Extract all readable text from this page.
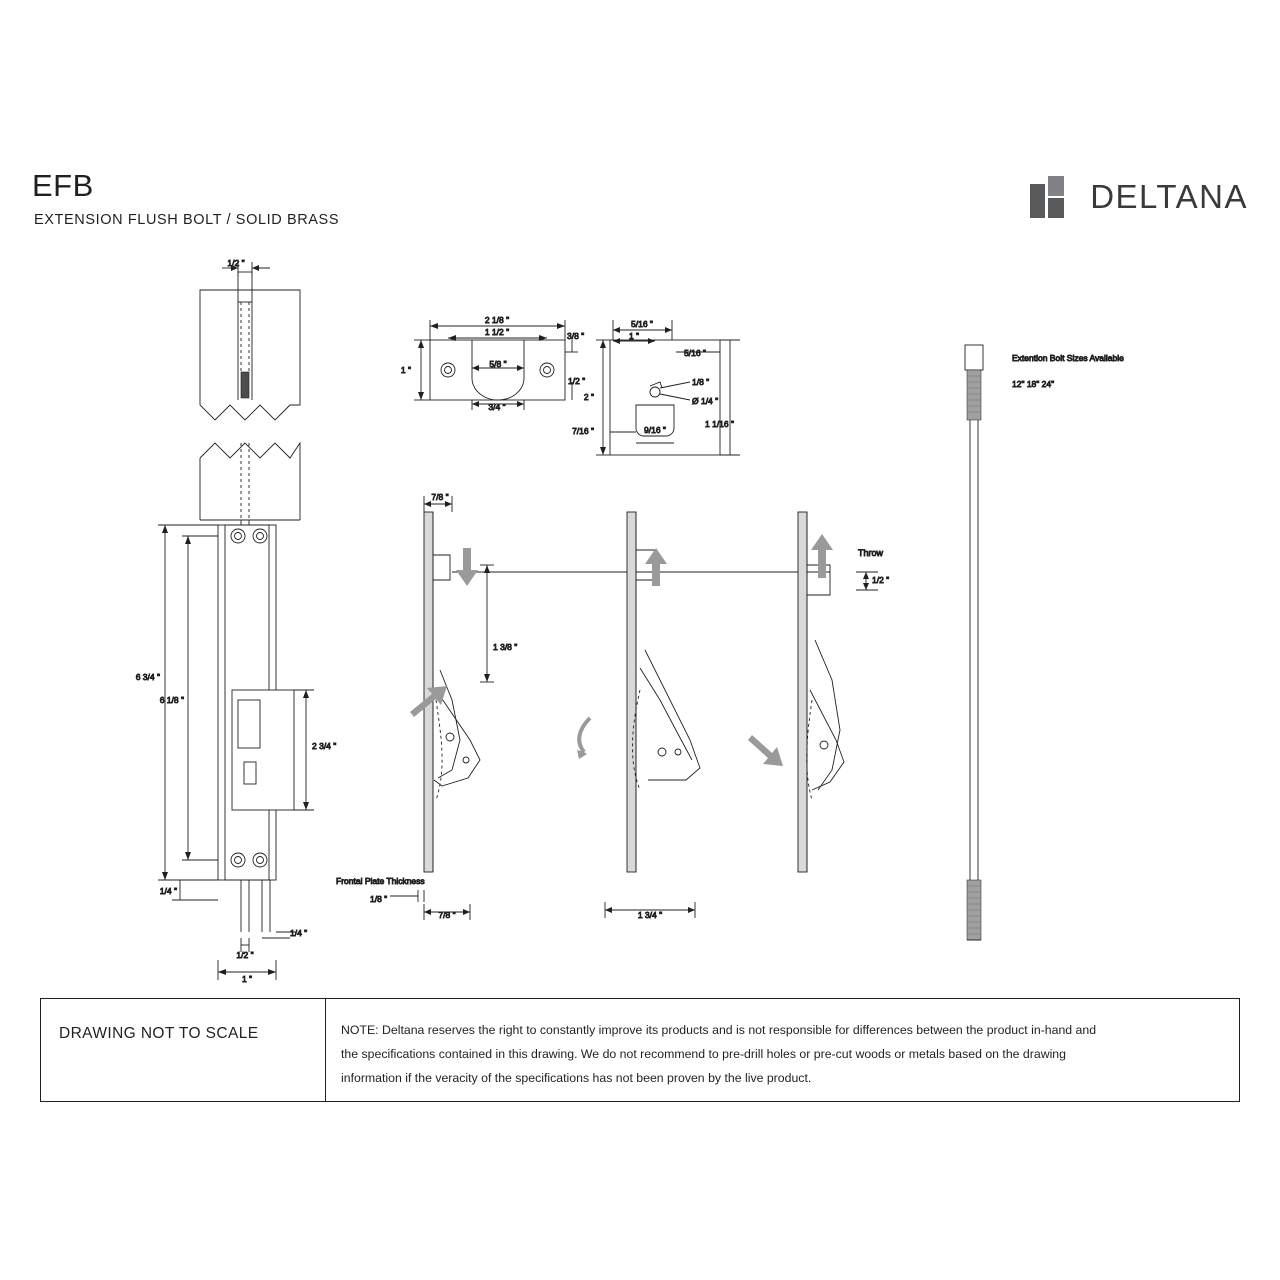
EFB
EXTENSION FLUSH BOLT / SOLID BRASS
DELTANA
1/2 "
2 1/8 "
1 1/2 "	3/8 "
1 "
5/8 "
1/2 "
3/4 "
5/16 "
1 "
5/16 "
1/8 "
Ø 1/4 "
2 "
7/16 "	9/16 "
1 1/16 "
6 3/4 "
6 1/8 "
2 3/4 "
1/4 "
1/4 "
1/2 "
1 "
7/8 "
1 3/8 "
7/8 "
Frontal Plate Thickness
1/8 "
1 3/4 "
Throw
1/2 "
Extention Bolt Sizes Available
12" 18" 24"
DRAWING NOT TO SCALE	NOTE: Deltana reserves the right to constantly improve its products and is not responsible for differences between the product in-hand and
the specifications contained in this drawing. We do not recommend to pre-drill holes or pre-cut woods or metals based on the drawing
information if the veracity of the specifications has not been proven by the live product.
